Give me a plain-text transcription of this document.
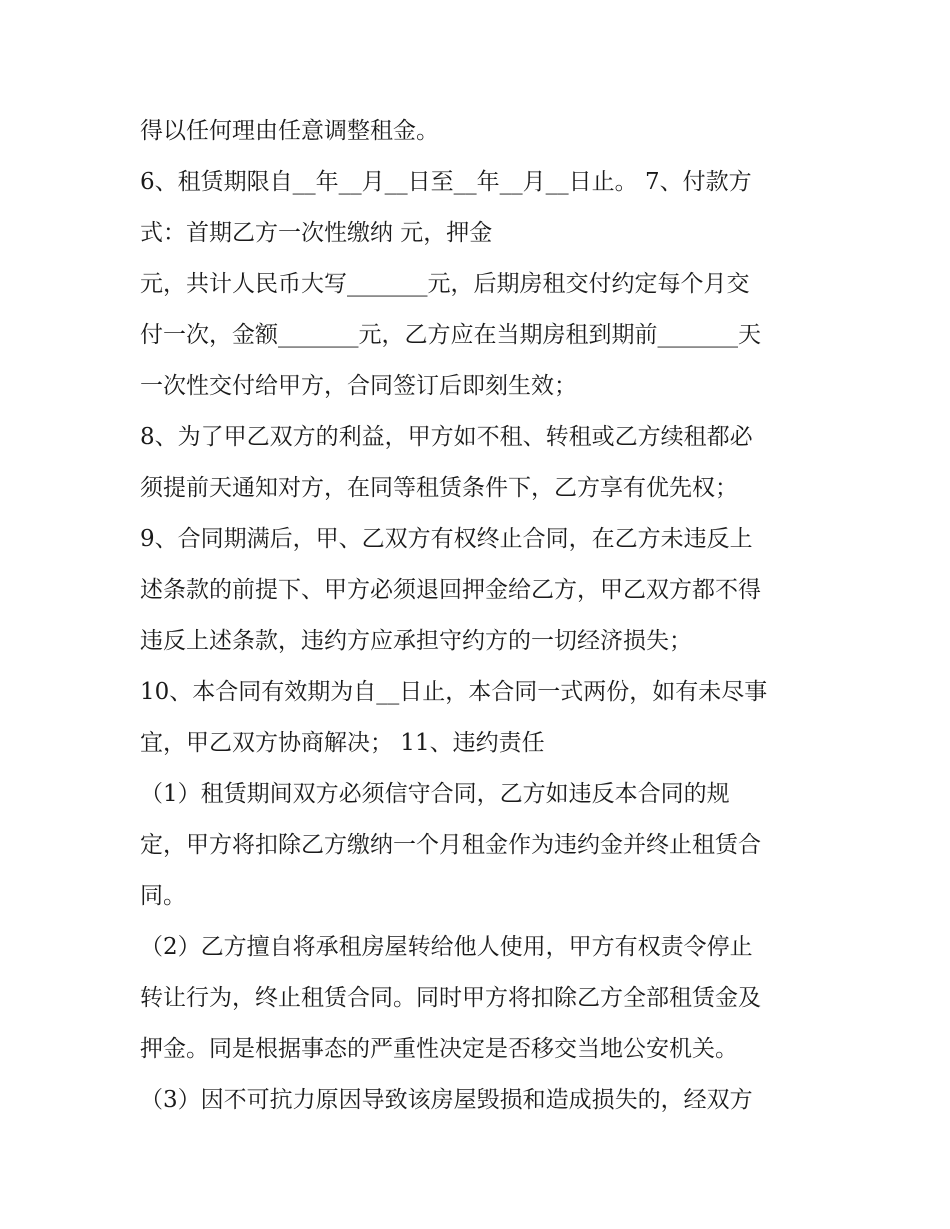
得以任何理由任意调整租金。
6、租赁期限自__年__月__日至__年__月__日止。 7、付款方
式：首期乙方一次性缴纳 元，押金
元，共计人民币大写_______元，后期房租交付约定每个月交
付一次，金额_______元，乙方应在当期房租到期前_______天
一次性交付给甲方，合同签订后即刻生效；
8、为了甲乙双方的利益，甲方如不租、转租或乙方续租都必
须提前天通知对方，在同等租赁条件下，乙方享有优先权；
9、合同期满后，甲、乙双方有权终止合同，在乙方未违反上
述条款的前提下、甲方必须退回押金给乙方，甲乙双方都不得
违反上述条款，违约方应承担守约方的一切经济损失；
10、本合同有效期为自__日止，本合同一式两份，如有未尽事
宜，甲乙双方协商解决； 11、违约责任
（1）租赁期间双方必须信守合同，乙方如违反本合同的规
定，甲方将扣除乙方缴纳一个月租金作为违约金并终止租赁合
同。
（2）乙方擅自将承租房屋转给他人使用，甲方有权责令停止
转让行为，终止租赁合同。同时甲方将扣除乙方全部租赁金及
押金。同是根据事态的严重性决定是否移交当地公安机关。
（3）因不可抗力原因导致该房屋毁损和造成损失的，经双方
